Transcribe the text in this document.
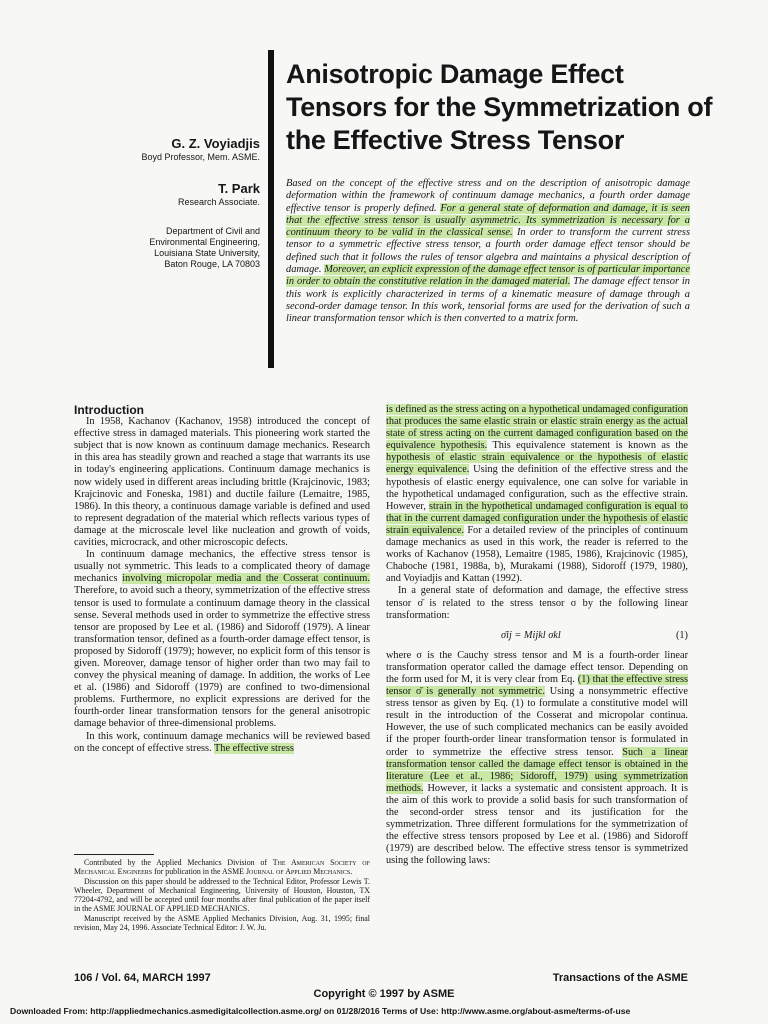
G. Z. Voyiadjis

Boyd Professor, Mem. ASME.

T. Park

Research Associate.

Department of Civil and

Environmental Engineering,

Louisiana State University,

Baton Rouge, LA 70803

Anisotropic Damage Effect Tensors for the Symmetrization of the Effective Stress Tensor

Based on the concept of the effective stress and on the description of anisotropic damage deformation within the framework of continuum damage mechanics, a fourth order damage effective tensor is properly defined. For a general state of deformation and damage, it is seen that the effective stress tensor is usually asymmetric. Its symmetrization is necessary for a continuum theory to be valid in the classical sense. In order to transform the current stress tensor to a symmetric effective stress tensor, a fourth order damage effect tensor should be defined such that it follows the rules of tensor algebra and maintains a physical description of damage. Moreover, an explicit expression of the damage effect tensor is of particular importance in order to obtain the constitutive relation in the damaged material. The damage effect tensor in this work is explicitly characterized in terms of a kinematic measure of damage through a second-order damage tensor. In this work, tensorial forms are used for the derivation of such a linear transformation tensor which is then converted to a matrix form.

Introduction

In 1958, Kachanov (Kachanov, 1958) introduced the concept of effective stress in damaged materials. This pioneering work started the subject that is now known as continuum damage mechanics. Research in this area has steadily grown and reached a stage that warrants its use in today's engineering applications. Continuum damage mechanics is now widely used in different areas including brittle (Krajcinovic, 1983; Krajcinovic and Foneska, 1981) and ductile failure (Lemaitre, 1985, 1986). In this theory, a continuous damage variable is defined and used to represent degradation of the material which reflects various types of damage at the microscale level like nucleation and growth of voids, cavities, microcrack, and other microscopic defects.

In continuum damage mechanics, the effective stress tensor is usually not symmetric. This leads to a complicated theory of damage mechanics involving micropolar media and the Cosserat continuum. Therefore, to avoid such a theory, symmetrization of the effective stress tensor is used to formulate a continuum damage theory in the classical sense. Several methods used in order to symmetrize the effective stress tensor are proposed by Lee et al. (1986) and Sidoroff (1979). A linear transformation tensor, defined as a fourth-order damage effect tensor, is proposed by Sidoroff (1979); however, no explicit form of this tensor is given. Moreover, damage tensor of higher order than two may fail to convey the physical meaning of damage. In addition, the works of Lee et al. (1986) and Sidoroff (1979) are confined to two-dimensional problems. Furthermore, no explicit expressions are derived for the fourth-order linear transformation tensors for the general anisotropic damage behavior of three-dimensional problems.

In this work, continuum damage mechanics will be reviewed based on the concept of effective stress. The effective stress

Contributed by the Applied Mechanics Division of The American Society of Mechanical Engineers for publication in the ASME Journal of Applied Mechanics.

Discussion on this paper should be addressed to the Technical Editor, Professor Lewis T. Wheeler, Department of Mechanical Engineering, University of Houston, Houston, TX 77204-4792, and will be accepted until four months after final publication of the paper itself in the ASME JOURNAL OF APPLIED MECHANICS.

Manuscript received by the ASME Applied Mechanics Division, Aug. 31, 1995; final revision, May 24, 1996. Associate Technical Editor: J. W. Ju.

is defined as the stress acting on a hypothetical undamaged configuration that produces the same elastic strain or elastic strain energy as the actual state of stress acting on the current damaged configuration based on the equivalence hypothesis. This equivalence statement is known as the hypothesis of elastic strain equivalence or the hypothesis of elastic energy equivalence. Using the definition of the effective stress and the hypothesis of elastic energy equivalence, one can solve for variable in the hypothetical undamaged configuration, such as the effective strain. However, strain in the hypothetical undamaged configuration is equal to that in the current damaged configuration under the hypothesis of elastic strain equivalence. For a detailed review of the principles of continuum damage mechanics as used in this work, the reader is referred to the works of Kachanov (1958), Lemaitre (1985, 1986), Krajcinovic (1985), Chaboche (1981, 1988a, b), Murakami (1988), Sidoroff (1979, 1980), and Voyiadjis and Kattan (1992).

In a general state of deformation and damage, the effective stress tensor σ̄ is related to the stress tensor σ by the following linear transformation:

σ̄ij = Mijkl σkl	(1)

where σ is the Cauchy stress tensor and M is a fourth-order linear transformation operator called the damage effect tensor. Depending on the form used for M, it is very clear from Eq. (1) that the effective stress tensor σ̄ is generally not symmetric. Using a nonsymmetric effective stress tensor as given by Eq. (1) to formulate a constitutive model will result in the introduction of the Cosserat and micropolar continua. However, the use of such complicated mechanics can be easily avoided if the proper fourth-order linear transformation tensor is formulated in order to symmetrize the effective stress tensor. Such a linear transformation tensor called the damage effect tensor is obtained in the literature (Lee et al., 1986; Sidoroff, 1979) using symmetrization methods. However, it lacks a systematic and consistent approach. It is the aim of this work to provide a solid basis for such transformation of the second-order stress tensor and its justification for the symmetrization. Three different formulations for the symmetrization of the effective stress tensors proposed by Lee et al. (1986) and Sidoroff (1979) are described below. The effective stress tensor is symmetrized using the following laws:

106 / Vol. 64, MARCH 1997	Transactions of the ASME
Copyright © 1997 by ASME
Downloaded From: http://appliedmechanics.asmedigitalcollection.asme.org/ on 01/28/2016 Terms of Use: http://www.asme.org/about-asme/terms-of-use
